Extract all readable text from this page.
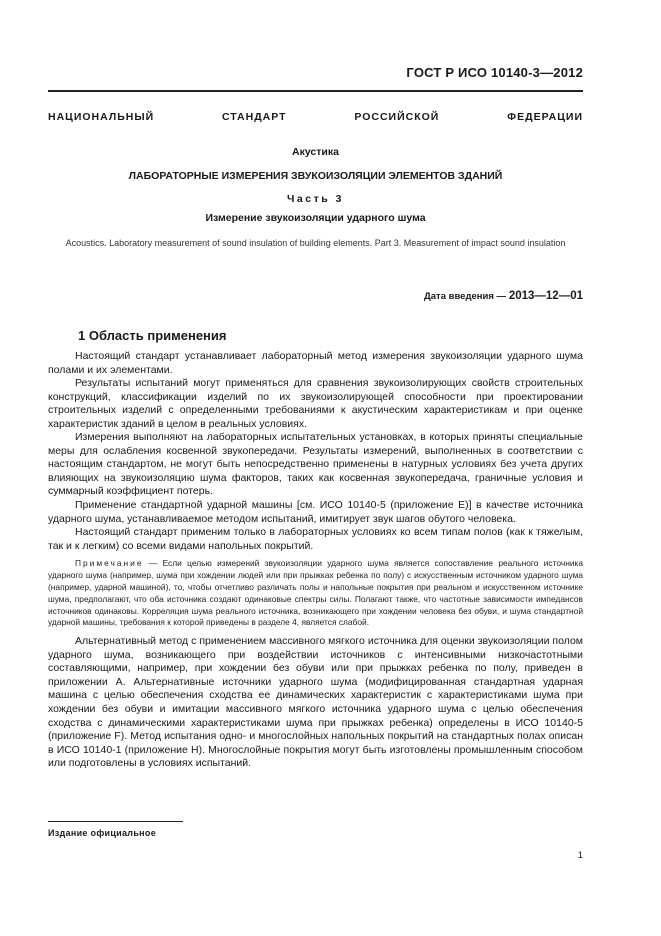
ГОСТ Р ИСО 10140-3—2012
НАЦИОНАЛЬНЫЙ СТАНДАРТ РОССИЙСКОЙ ФЕДЕРАЦИИ
Акустика
ЛАБОРАТОРНЫЕ ИЗМЕРЕНИЯ ЗВУКОИЗОЛЯЦИИ ЭЛЕМЕНТОВ ЗДАНИЙ
Часть 3
Измерение звукоизоляции ударного шума
Acoustics. Laboratory measurement of sound insulation of building elements. Part 3. Measurement of impact sound insulation
Дата введения — 2013—12—01
1 Область применения

Настоящий стандарт устанавливает лабораторный метод измерения звукоизоляции ударного шума полами и их элементами.

Результаты испытаний могут применяться для сравнения звукоизолирующих свойств строительных конструкций, классификации изделий по их звукоизолирующей способности при проектировании строительных изделий с определенными требованиями к акустическим характеристикам и при оценке характеристик зданий в целом в реальных условиях.

Измерения выполняют на лабораторных испытательных установках, в которых приняты специальные меры для ослабления косвенной звукопередачи. Результаты измерений, выполненных в соответствии с настоящим стандартом, не могут быть непосредственно применены в натурных условиях без учета других влияющих на звукоизоляцию шума факторов, таких как косвенная звукопередача, граничные условия и суммарный коэффициент потерь.

Применение стандартной ударной машины [см. ИСО 10140-5 (приложение Е)] в качестве источника ударного шума, устанавливаемое методом испытаний, имитирует звук шагов обутого человека.

Настоящий стандарт применим только в лабораторных условиях ко всем типам полов (как к тяжелым, так и к легким) со всеми видами напольных покрытий.

Примечание — Если целью измерений звукоизоляции ударного шума является сопоставление реального источника ударного шума (например, шума при хождении людей или при прыжках ребенка по полу) с искусственным источником ударного шума (например, ударной машиной), то, чтобы отчетливо различать полы и напольные покрытия при реальном и искусственном источнике шума, предполагают, что оба источника создают одинаковые спектры силы. Полагают также, что частотные зависимости импедансов источников одинаковы. Корреляция шума реального источника, возникающего при хождении человека без обуви, и шума стандартной ударной машины, требования к которой приведены в разделе 4, является слабой.

Альтернативный метод с применением массивного мягкого источника для оценки звукоизоляции полом ударного шума, возникающего при воздействии источников с интенсивными низкочастотными составляющими, например, при хождении без обуви или при прыжках ребенка по полу, приведен в приложении А. Альтернативные источники ударного шума (модифицированная стандартная ударная машина с целью обеспечения сходства ее динамических характеристик с характеристиками шума при хождении без обуви и имитации массивного мягкого источника ударного шума с целью обеспечения сходства с динамическими характеристиками шума при прыжках ребенка) определены в ИСО 10140-5 (приложение F). Метод испытания одно- и многослойных напольных покрытий на стандартных полах описан в ИСО 10140-1 (приложение Н). Многослойные покрытия могут быть изготовлены промышленным способом или подготовлены в условиях испытаний.

Издание официальное
1
